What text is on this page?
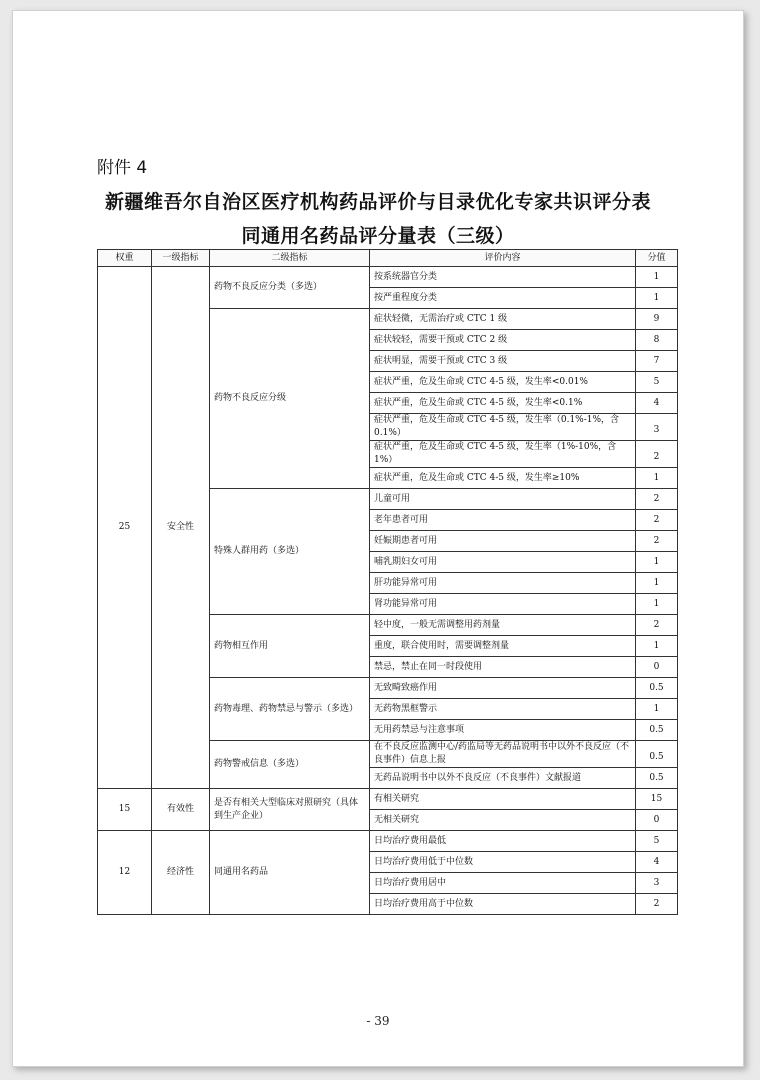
附件 4
新疆维吾尔自治区医疗机构药品评价与目录优化专家共识评分表
同通用名药品评分量表（三级）
权重	一级指标	二级指标	评价内容	分值
25	安全性	药物不良反应分类（多选）	按系统器官分类	1
			按严重程度分类	1
		药物不良反应分级	症状轻微，无需治疗或 CTC 1 级	9
			症状较轻，需要干预或 CTC 2 级	8
			症状明显，需要干预或 CTC 3 级	7
			症状严重，危及生命或 CTC 4-5 级，发生率<0.01%	5
			症状严重，危及生命或 CTC 4-5 级，发生率<0.1%	4
			症状严重，危及生命或 CTC 4-5 级，发生率（0.1%-1%，含 0.1%）	3
			症状严重，危及生命或 CTC 4-5 级，发生率（1%-10%，含 1%）	2
			症状严重，危及生命或 CTC 4-5 级，发生率≥10%	1
		特殊人群用药（多选）	儿童可用	2
			老年患者可用	2
			妊娠期患者可用	2
			哺乳期妇女可用	1
			肝功能异常可用	1
			肾功能异常可用	1
		药物相互作用	轻中度，一般无需调整用药剂量	2
			重度，联合使用时，需要调整剂量	1
			禁忌，禁止在同一时段使用	0
		药物毒理、药物禁忌与警示（多选）	无致畸致癌作用	0.5
			无药物黑框警示	1
			无用药禁忌与注意事项	0.5
		药物警戒信息（多选）	在不良反应监测中心/药监局等无药品说明书中以外不良反应（不良事件）信息上报	0.5
			无药品说明书中以外不良反应（不良事件）文献报道	0.5
15	有效性	是否有相关大型临床对照研究（具体到生产企业）	有相关研究	15
			无相关研究	0
12	经济性	同通用名药品	日均治疗费用最低	5
			日均治疗费用低于中位数	4
			日均治疗费用居中	3
			日均治疗费用高于中位数	2
- 39
